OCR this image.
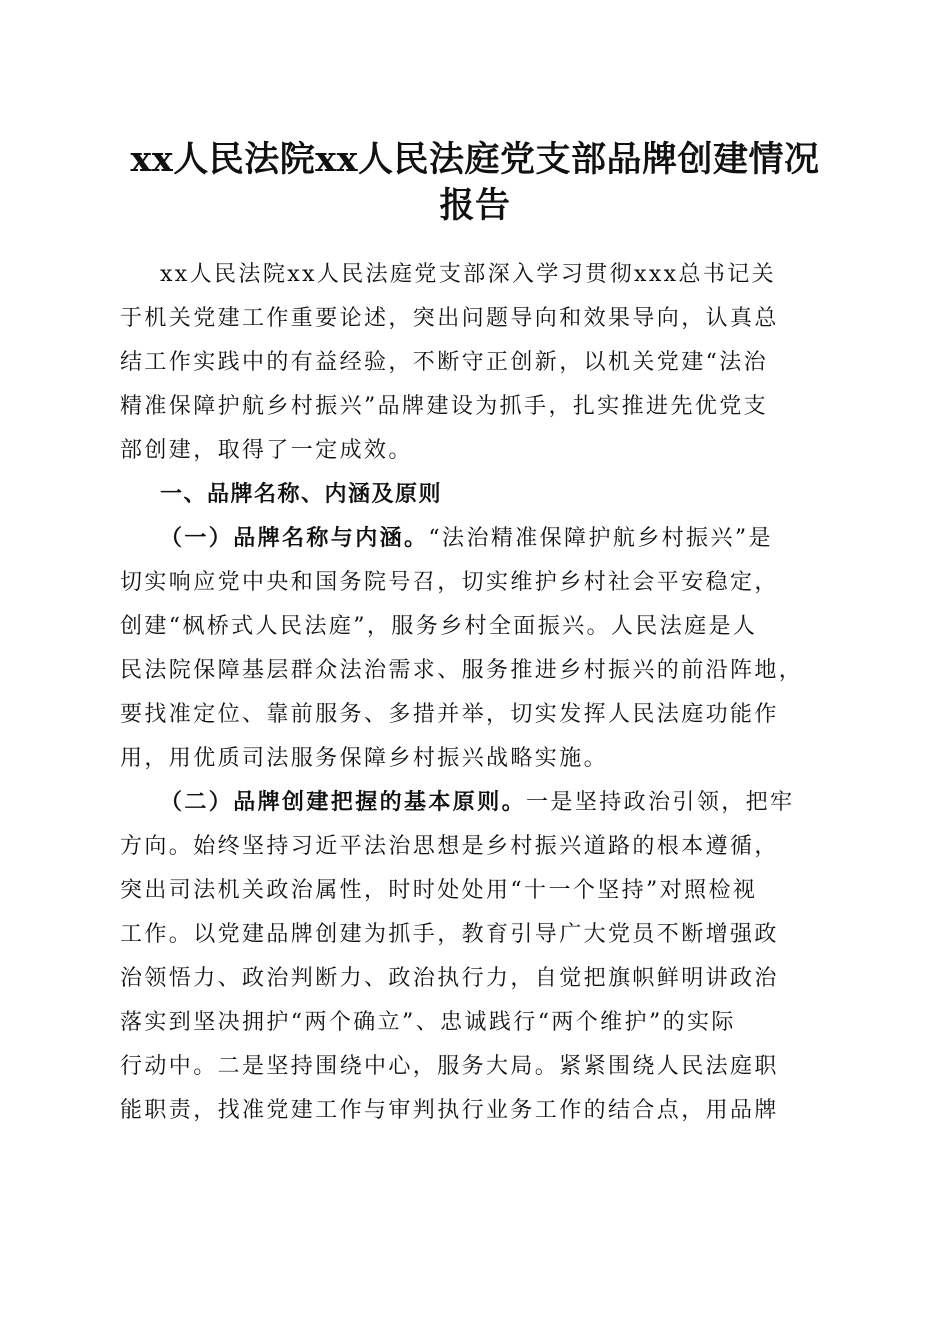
xx人民法院xx人民法庭党支部品牌创建情况
报告
xx人民法院xx人民法庭党支部深入学习贯彻xxx总书记关
于机关党建工作重要论述，突出问题导向和效果导向，认真总
结工作实践中的有益经验，不断守正创新，以机关党建“法治
精准保障护航乡村振兴”品牌建设为抓手，扎实推进先优党支
部创建，取得了一定成效。
一、品牌名称、内涵及原则
（一）品牌名称与内涵。“法治精准保障护航乡村振兴”是
切实响应党中央和国务院号召，切实维护乡村社会平安稳定，
创建“枫桥式人民法庭”，服务乡村全面振兴。人民法庭是人
民法院保障基层群众法治需求、服务推进乡村振兴的前沿阵地，
要找准定位、靠前服务、多措并举，切实发挥人民法庭功能作
用，用优质司法服务保障乡村振兴战略实施。
（二）品牌创建把握的基本原则。一是坚持政治引领，把牢
方向。始终坚持习近平法治思想是乡村振兴道路的根本遵循，
突出司法机关政治属性，时时处处用“十一个坚持”对照检视
工作。以党建品牌创建为抓手，教育引导广大党员不断增强政
治领悟力、政治判断力、政治执行力，自觉把旗帜鲜明讲政治
落实到坚决拥护“两个确立”、忠诚践行“两个维护”的实际
行动中。二是坚持围绕中心，服务大局。紧紧围绕人民法庭职
能职责，找准党建工作与审判执行业务工作的结合点，用品牌
